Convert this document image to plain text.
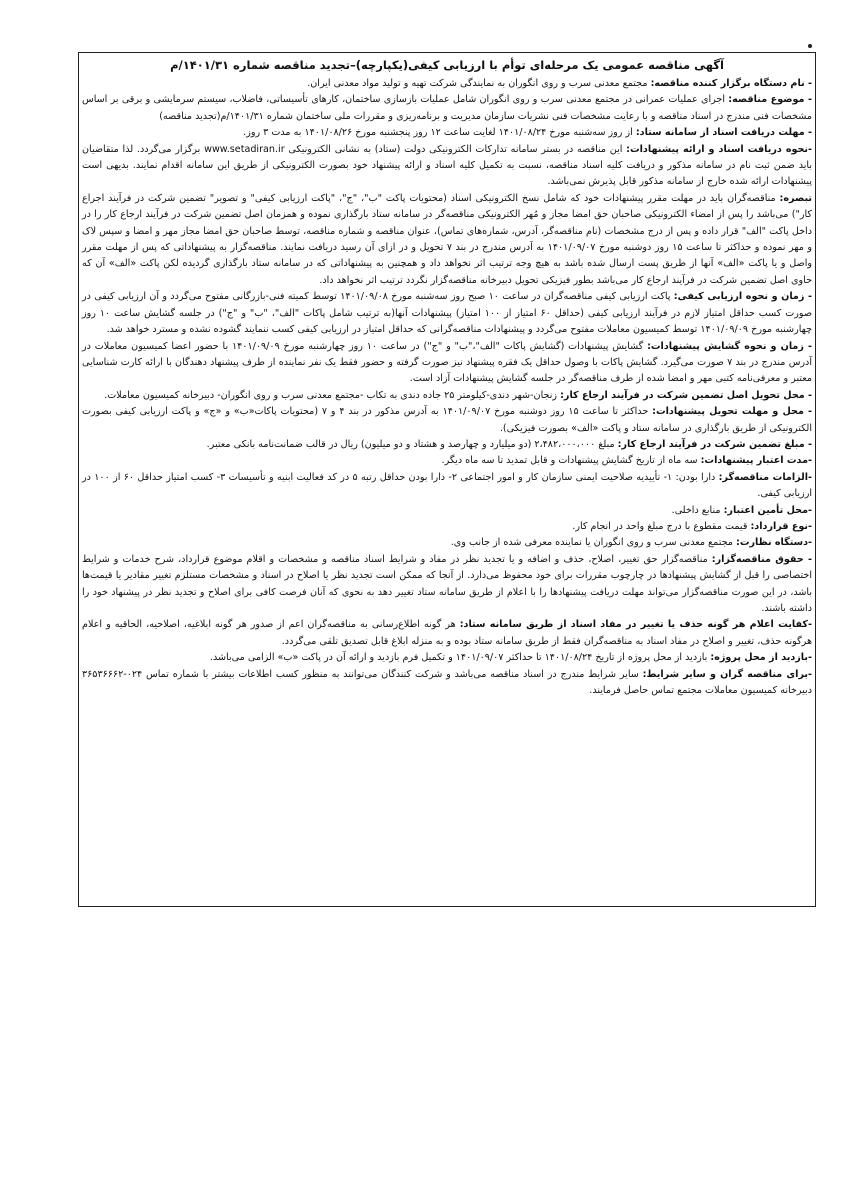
آگهی مناقصه عمومی یک مرحله‌ای توأم با ارزیابی کیفی(یکپارچه)–تجدید مناقصه شماره ۱۴۰۱/۳۱/م

- نام دستگاه برگزار کننده مناقصه: مجتمع معدنی سرب و روی انگوران به نمایندگی شرکت تهیه و تولید مواد معدنی ایران.

- موضوع مناقصه: اجرای عملیات عمرانی در مجتمع معدنی سرب و روی انگوران شامل عملیات بازسازی ساختمان، کارهای تأسیساتی، فاضلاب، سیستم سرمایشی و برقی بر اساس مشخصات فنی مندرج در اسناد مناقصه و با رعایت مشخصات فنی نشریات سازمان مدیریت و برنامه‌ریزی و مقررات ملی ساختمان شماره ۱۴۰۱/۳۱/م(تجدید مناقصه)

- مهلت دریافت اسناد از سامانه ستاد: از روز سه‌شنبه مورخ ۱۴۰۱/۰۸/۲۴ لغایت ساعت ۱۲ روز پنجشنبه مورخ ۱۴۰۱/۰۸/۲۶ به مدت ۳ روز.

-نحوه دریافت اسناد و ارائه پیشنهادات: این مناقصه در بستر سامانه تدارکات الکترونیکی دولت (ستاد) به نشانی الکترونیکی www.setadiran.ir برگزار می‌گردد. لذا متقاضیان باید ضمن ثبت نام در سامانه مذکور و دریافت کلیه اسناد مناقصه، نسبت به تکمیل کلیه اسناد و ارائه پیشنهاد خود بصورت الکترونیکی از طریق این سامانه اقدام نمایند. بدیهی است پیشنهادات ارائه شده خارج از سامانه مذکور قابل پذیرش نمی‌باشد.

تبصره: مناقصه‌گران باید در مهلت مقرر پیشنهادات خود که شامل نسخ الکترونیکی اسناد (محتویات پاکت "ب"، "ج"، "پاکت ارزیابی کیفی" و تصویر" تضمین شرکت در فرآیند اجراع کار") می‌باشد را پس از امضاء الکترونیکی صاحبان حق امضا مجاز و مُهر الکترونیکی مناقصه‌گر در سامانه ستاد بارگذاری نموده و همزمان اصل تضمین شرکت در فرآیند ارجاع کار را در داخل پاکت "الف" قرار داده و پس از درج مشخصات (نام مناقصه‌گر، آدرس، شماره‌های تماس)، عنوان مناقصه و شماره مناقصه، توسط صاحبان حق امضا مجاز مهر و امضا و سپس لاک و مهر نموده و حداکثر تا ساعت ۱۵ روز دوشنبه مورخ ۱۴۰۱/۰۹/۰۷ به آدرس مندرج در بند ۷ تحویل و در ازای آن رسید دریافت نمایند. مناقصه‌گزار به پیشنهاداتی که پس از مهلت مقرر واصل و یا پاکت «الف» آنها از طریق پست ارسال شده باشد به هیچ وجه ترتیب اثر نخواهد داد و همچنین به پیشنهاداتی که در سامانه ستاد بارگذاری گردیده لکن پاکت «الف» آن که حاوی اصل تضمین شرکت در فرآیند ارجاع کار می‌باشد بطور فیزیکی تحویل دبیرخانه مناقصه‌گزار نگردد ترتیب اثر نخواهد داد.

- زمان و نحوه ارزیابی کیفی: پاکت ارزیابی کیفی مناقصه‌گران در ساعت ۱۰ صبح روز سه‌شنبه مورخ ۱۴۰۱/۰۹/۰۸ توسط کمیته فنی-بازرگانی مفتوح می‌گردد و آن ارزیابی کیفی در صورت کسب حداقل امتیاز لازم در فرآیند ارزیابی کیفی (حداقل ۶۰ امتیاز از ۱۰۰ امتیاز) پیشنهادات آنها(به ترتیب شامل پاکات "الف"، "ب" و "ج") در جلسه گشایش ساعت ۱۰ روز چهارشنبه مورخ ۱۴۰۱/۰۹/۰۹ توسط کمیسیون معاملات مفتوح می‌گردد و پیشنهادات مناقصه‌گرانی که حداقل امتیاز در ارزیابی کیفی کسب ننمایند گشوده نشده و مسترد خواهد شد.

- زمان و نحوه گشایش پیشنهادات: گشایش پیشنهادات (گشایش پاکات "الف"،"ب" و "ج") در ساعت ۱۰ روز چهارشنبه مورخ ۱۴۰۱/۰۹/۰۹ با حضور اعضا کمیسیون معاملات در آدرس مندرج در بند ۷ صورت می‌گیرد. گشایش پاکات با وصول حداقل یک فقره پیشنهاد نیز صورت گرفته و حضور فقط یک نفر نماینده از طرف پیشنهاد دهندگان با ارائه کارت شناسایی معتبر و معرفی‌نامه کتبی مهر و امضا شده از طرف مناقصه‌گر در جلسه گشایش پیشنهادات آزاد است.

- محل تحویل اصل تضمین شرکت در فرآیند ارجاع کار: زنجان-شهر دندی-کیلومتر ۲۵ جاده دندی به تکاب -مجتمع معدنی سرب و روی انگوران- دبیرخانه کمیسیون معاملات.

- محل و مهلت تحویل پیشنهادات: حداکثر تا ساعت ۱۵ روز دوشنبه مورخ ۱۴۰۱/۰۹/۰۷ به آدرس مذکور در بند ۴ و ۷ (محتویات پاکات«ب» و «ج» و پاکت ارزیابی کیفی بصورت الکترونیکی از طریق بارگذاری در سامانه ستاد و پاکت «الف» بصورت فیزیکی).

- مبلغ تضمین شرکت در فرآیند ارجاع کار: مبلغ ۲،۴۸۲،۰۰۰،۰۰۰ (دو میلیارد و چهارصد و هشتاد و دو میلیون) ریال در قالب ضمانت‌نامه بانکی معتبر.

-مدت اعتبار پیشنهادات: سه ماه از تاریخ گشایش پیشنهادات و قابل تمدید تا سه ماه دیگر.

-الزامات مناقصه‌گر: دارا بودن: ۱- تأییدیه صلاحیت ایمنی سازمان کار و امور اجتماعی ۲- دارا بودن حداقل رتبه ۵ در کد فعالیت ابنیه و تأسیسات ۳- کسب امتیاز حداقل ۶۰ از ۱۰۰ در ارزیابی کیفی.

-محل تأمین اعتبار: منابع داخلی.

-نوع قرارداد: قیمت مقطوع با درج مبلغ واحد در انجام کار.

-دستگاه نظارت: مجتمع معدنی سرب و روی انگوران یا نماینده معرفی شده از جانب وی.

- حقوق مناقصه‌گزار: مناقصه‌گزار حق تغییر، اصلاح، حذف و اضافه و یا تجدید نظر در مفاد و شرایط اسناد مناقصه و مشخصات و اقلام موضوع قرارداد، شرح خدمات و شرایط اختصاصی را قبل از گشایش پیشنهادها در چارچوب مقررات برای خود محفوظ می‌دارد. از آنجا که ممکن است تجدید نظر یا اصلاح در اسناد و مشخصات مستلزم تغییر مقادیر یا قیمت‌ها باشد، در این صورت مناقصه‌گزار می‌تواند مهلت دریافت پیشنهادها را با اعلام از طریق سامانه ستاد تغییر دهد به نحوی که آنان فرصت کافی برای اصلاح و تجدید نظر در پیشنهاد خود را داشته باشند.

-کفایت اعلام هر گونه حذف یا تغییر در مفاد اسناد از طریق سامانه ستاد: هر گونه اطلاع‌رسانی به مناقصه‌گران اعم از صدور هر گونه ابلاغیه، اصلاحیه، الحاقیه و اعلام هرگونه حذف، تغییر و اصلاح در مفاد اسناد به مناقصه‌گران فقط از طریق سامانه ستاد بوده و به منزله ابلاغ قابل تصدیق تلقی می‌گردد.

-بازدید از محل پروژه: بازدید از محل پروژه از تاریخ ۱۴۰۱/۰۸/۲۴ تا حداکثر ۱۴۰۱/۰۹/۰۷ و تکمیل فرم بازدید و ارائه آن در پاکت «ب» الزامی می‌باشد.

-برای مناقصه گران و سایر شرایط: سایر شرایط مندرج در اسناد مناقصه می‌باشد و شرکت کنندگان می‌توانند به منظور کسب اطلاعات بیشتر با شماره تماس ۰۲۴-۳۶۵۳۶۶۶۲ دبیرخانه کمیسیون معاملات مجتمع تماس حاصل فرمایند.
